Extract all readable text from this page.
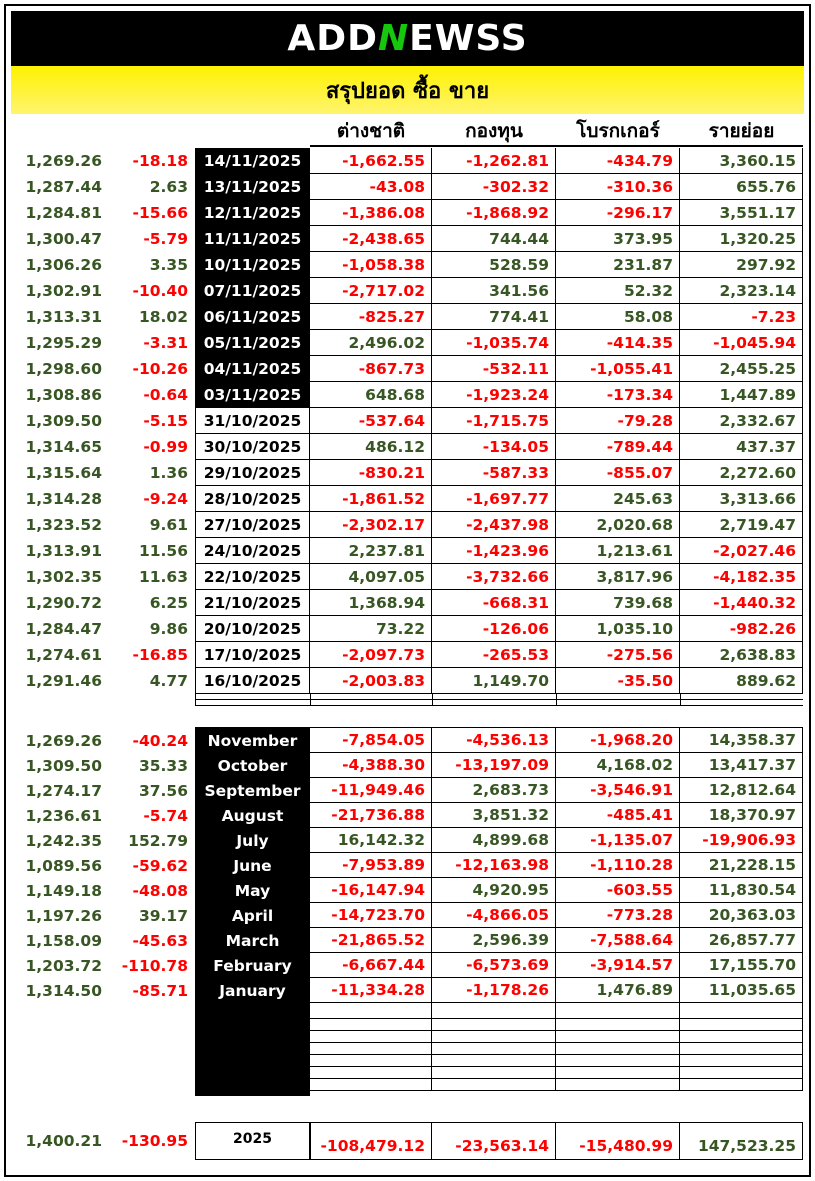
ADDNEWSS
สรุปยอด ซื้อ ขาย
ต่างชาติ	กองทุน	โบรกเกอร์	รายย่อย
1,269.26	-18.18	14/11/2025	-1,662.55	-1,262.81	-434.79	3,360.15
1,287.44	2.63	13/11/2025	-43.08	-302.32	-310.36	655.76
1,284.81	-15.66	12/11/2025	-1,386.08	-1,868.92	-296.17	3,551.17
1,300.47	-5.79	11/11/2025	-2,438.65	744.44	373.95	1,320.25
1,306.26	3.35	10/11/2025	-1,058.38	528.59	231.87	297.92
1,302.91	-10.40	07/11/2025	-2,717.02	341.56	52.32	2,323.14
1,313.31	18.02	06/11/2025	-825.27	774.41	58.08	-7.23
1,295.29	-3.31	05/11/2025	2,496.02	-1,035.74	-414.35	-1,045.94
1,298.60	-10.26	04/11/2025	-867.73	-532.11	-1,055.41	2,455.25
1,308.86	-0.64	03/11/2025	648.68	-1,923.24	-173.34	1,447.89
1,309.50	-5.15	31/10/2025	-537.64	-1,715.75	-79.28	2,332.67
1,314.65	-0.99	30/10/2025	486.12	-134.05	-789.44	437.37
1,315.64	1.36	29/10/2025	-830.21	-587.33	-855.07	2,272.60
1,314.28	-9.24	28/10/2025	-1,861.52	-1,697.77	245.63	3,313.66
1,323.52	9.61	27/10/2025	-2,302.17	-2,437.98	2,020.68	2,719.47
1,313.91	11.56	24/10/2025	2,237.81	-1,423.96	1,213.61	-2,027.46
1,302.35	11.63	22/10/2025	4,097.05	-3,732.66	3,817.96	-4,182.35
1,290.72	6.25	21/10/2025	1,368.94	-668.31	739.68	-1,440.32
1,284.47	9.86	20/10/2025	73.22	-126.06	1,035.10	-982.26
1,274.61	-16.85	17/10/2025	-2,097.73	-265.53	-275.56	2,638.83
1,291.46	4.77	16/10/2025	-2,003.83	1,149.70	-35.50	889.62
1,269.26	-40.24	November	-7,854.05	-4,536.13	-1,968.20	14,358.37
1,309.50	35.33	October	-4,388.30	-13,197.09	4,168.02	13,417.37
1,274.17	37.56	September	-11,949.46	2,683.73	-3,546.91	12,812.64
1,236.61	-5.74	August	-21,736.88	3,851.32	-485.41	18,370.97
1,242.35	152.79	July	16,142.32	4,899.68	-1,135.07	-19,906.93
1,089.56	-59.62	June	-7,953.89	-12,163.98	-1,110.28	21,228.15
1,149.18	-48.08	May	-16,147.94	4,920.95	-603.55	11,830.54
1,197.26	39.17	April	-14,723.70	-4,866.05	-773.28	20,363.03
1,158.09	-45.63	March	-21,865.52	2,596.39	-7,588.64	26,857.77
1,203.72	-110.78	February	-6,667.44	-6,573.69	-3,914.57	17,155.70
1,314.50	-85.71	January	-11,334.28	-1,178.26	1,476.89	11,035.65
1,400.21	-130.95	2025	-108,479.12	-23,563.14	-15,480.99	147,523.25
